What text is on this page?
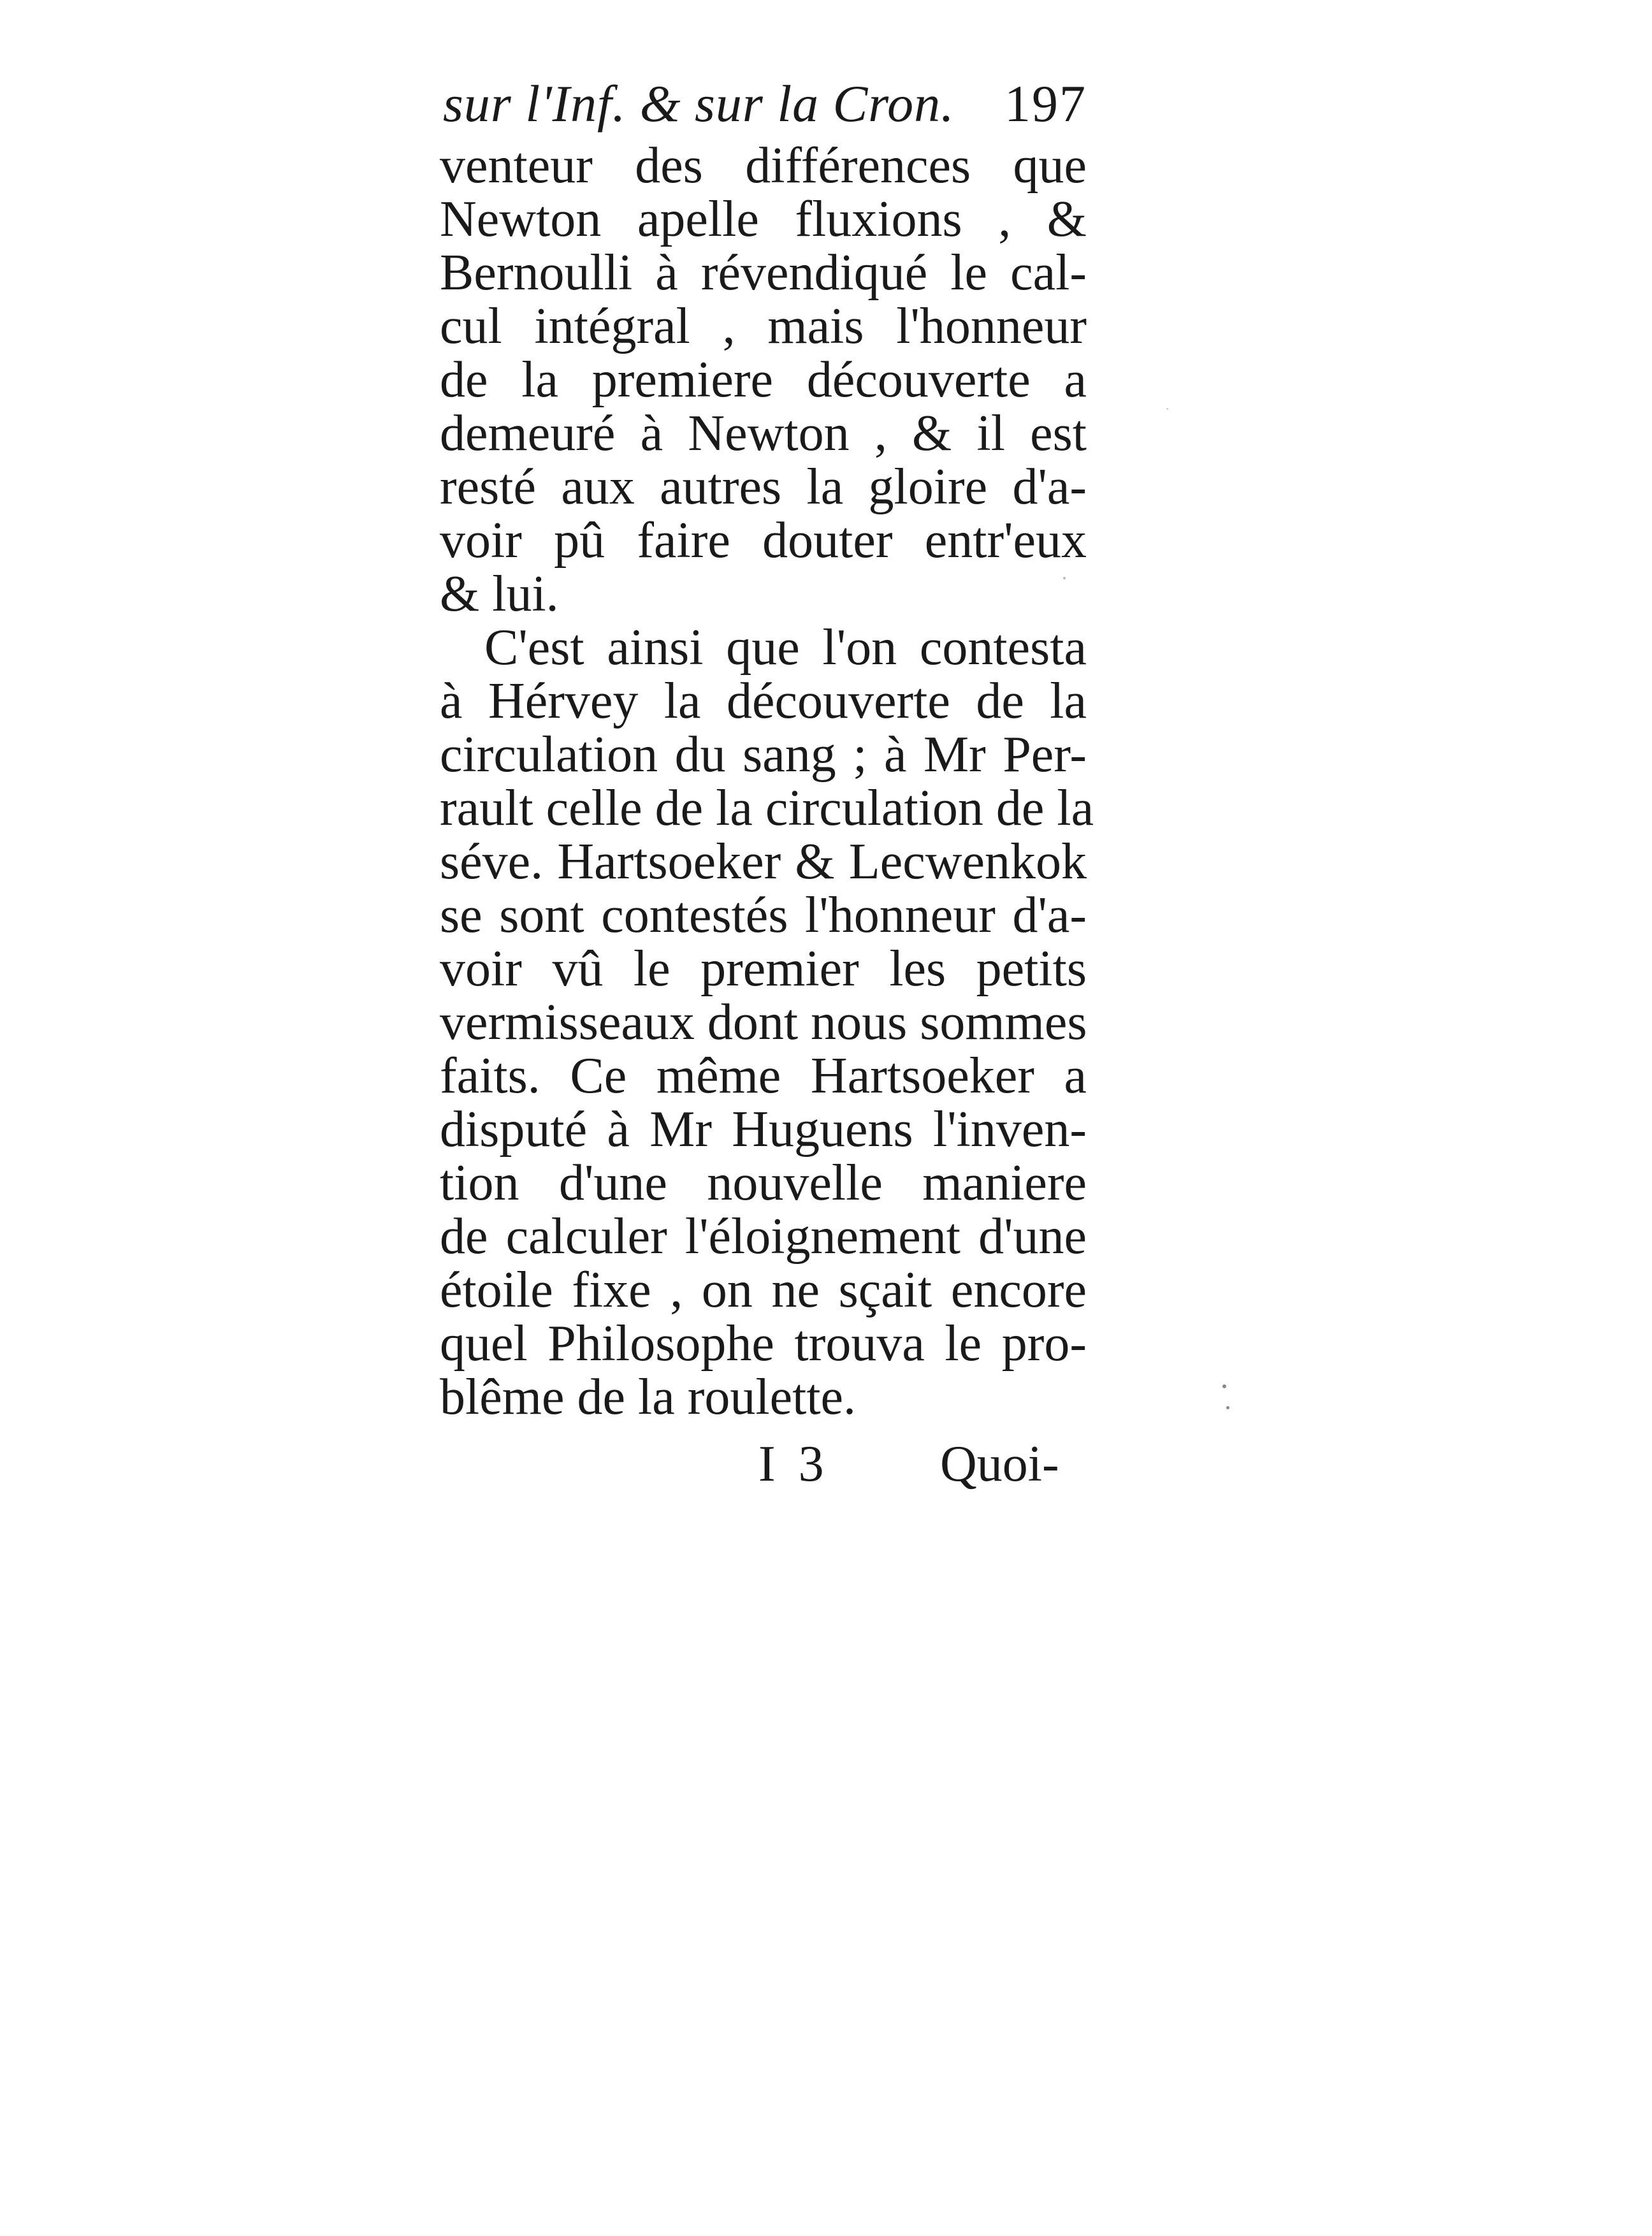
sur l'Inf. & sur la Cron. 197
venteur des différences que
Newton apelle fluxions , &
Bernoulli à révendiqué le cal-
cul intégral , mais l'honneur
de la premiere découverte a
demeuré à Newton , & il est
resté aux autres la gloire d'a-
voir pû faire douter entr'eux
& lui.
C'est ainsi que l'on contesta
à Hérvey la découverte de la
circulation du sang ; à Mr Per-
rault celle de la circulation de la
séve. Hartsoeker & Lecwenkok
se sont contestés l'honneur d'a-
voir vû le premier les petits
vermisseaux dont nous sommes
faits. Ce même Hartsoeker a
disputé à Mr Huguens l'inven-
tion d'une nouvelle maniere
de calculer l'éloignement d'une
étoile fixe , on ne sçait encore
quel Philosophe trouva le pro-
blême de la roulette.
I 3 Quoi-
